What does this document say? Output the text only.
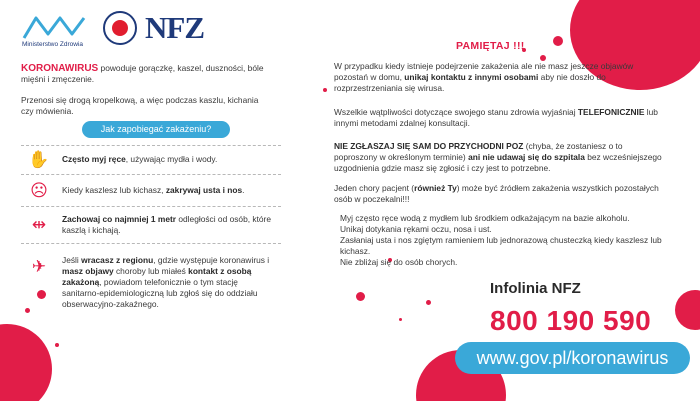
Ministerstwo Zdrowia NFZ
KORONAWIRUS powoduje gorączkę, kaszel, duszności, bóle mięśni i zmęczenie.
Przenosi się drogą kropelkową, a więc podczas kaszlu, kichania czy mówienia.
Jak zapobiegać zakażeniu?
✋ Często myj ręce, używając mydła i wody.
☹ Kiedy kaszlesz lub kichasz, zakrywaj usta i nos.
⇹	Zachowaj co najmniej 1 metr odległości od osób, które kaszlą i kichają.
✈	Jeśli wracasz z regionu, gdzie występuje koronawirus i masz objawy choroby lub miałeś kontakt z osobą zakażoną, powiadom telefonicznie o tym stację sanitarno-epidemiologiczną lub zgłoś się do oddziału obserwacyjno-zakaźnego.
PAMIĘTAJ !!!
W przypadku kiedy istnieje podejrzenie zakażenia ale nie masz jeszcze objawów pozostań w domu, unikaj kontaktu z innymi osobami aby nie doszło do rozprzestrzeniania się wirusa.
Wszelkie wątpliwości dotyczące swojego stanu zdrowia wyjaśniaj TELEFONICZNIE lub innymi metodami zdalnej konsultacji.
NIE ZGŁASZAJ SIĘ SAM DO PRZYCHODNI POZ (chyba, że zostaniesz o to poproszony w określonym terminie) ani nie udawaj się do szpitala bez wcześniejszego uzgodnienia gdzie masz się zgłosić i czy jest to potrzebne.
Jeden chory pacjent (również Ty) może być źródłem zakażenia wszystkich pozostałych osób w poczekalni!!!
Myj często ręce wodą z mydłem lub środkiem odkażającym na bazie alkoholu.
Unikaj dotykania rękami oczu, nosa i ust.
Zasłaniaj usta i nos zgiętym ramieniem lub jednorazową chusteczką kiedy kaszlesz lub kichasz.
Nie zbliżaj się do osób chorych.
Infolinia NFZ
800 190 590
www.gov.pl/koronawirus
